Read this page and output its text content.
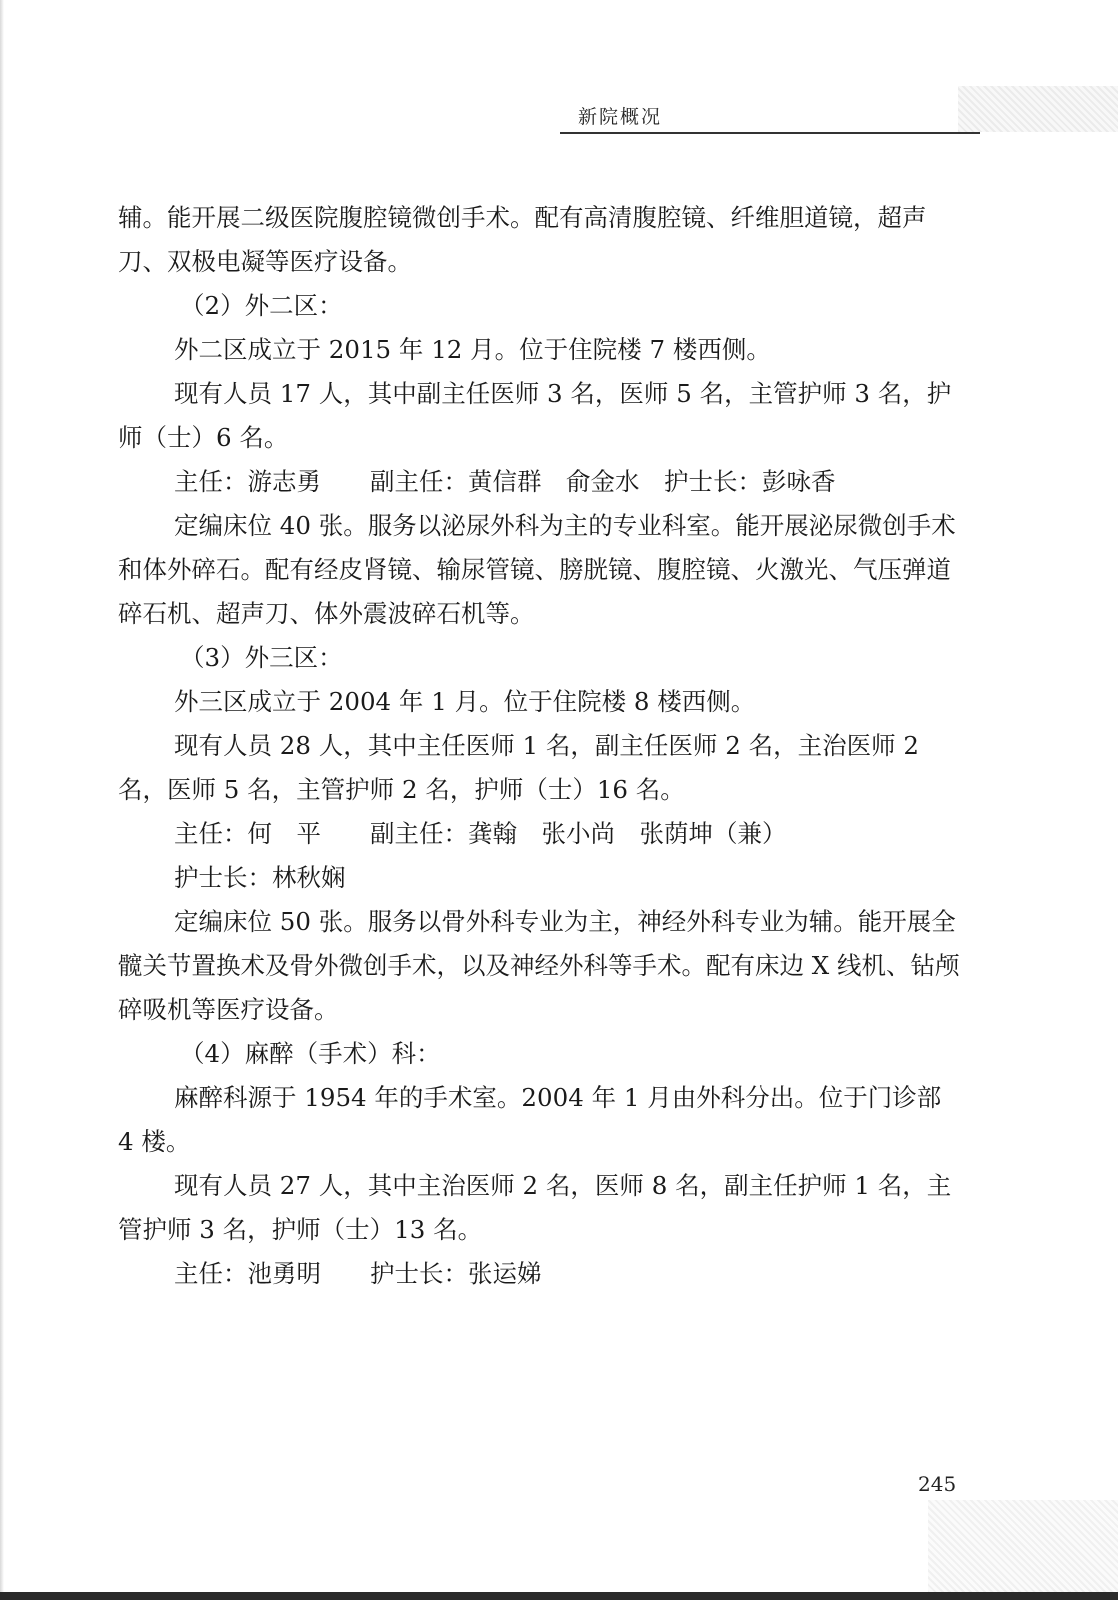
新院概况

辅。能开展二级医院腹腔镜微创手术。配有高清腹腔镜、纤维胆道镜，超声刀、双极电凝等医疗设备。

（2）外二区：

外二区成立于 2015 年 12 月。位于住院楼 7 楼西侧。

现有人员 17 人，其中副主任医师 3 名，医师 5 名，主管护师 3 名，护师（士）6 名。

主任：游志勇　　副主任：黄信群　俞金水　护士长：彭咏香

定编床位 40 张。服务以泌尿外科为主的专业科室。能开展泌尿微创手术和体外碎石。配有经皮肾镜、输尿管镜、膀胱镜、腹腔镜、火激光、气压弹道碎石机、超声刀、体外震波碎石机等。

（3）外三区：

外三区成立于 2004 年 1 月。位于住院楼 8 楼西侧。

现有人员 28 人，其中主任医师 1 名，副主任医师 2 名，主治医师 2 名，医师 5 名，主管护师 2 名，护师（士）16 名。

主任：何　平　　副主任：龚翰　张小尚　张荫坤（兼）

护士长：林秋娴

定编床位 50 张。服务以骨外科专业为主，神经外科专业为辅。能开展全髋关节置换术及骨外微创手术，以及神经外科等手术。配有床边 X 线机、钻颅碎吸机等医疗设备。

（4）麻醉（手术）科：

麻醉科源于 1954 年的手术室。2004 年 1 月由外科分出。位于门诊部 4 楼。

现有人员 27 人，其中主治医师 2 名，医师 8 名，副主任护师 1 名，主管护师 3 名，护师（士）13 名。

主任：池勇明　　护士长：张运娣

245
